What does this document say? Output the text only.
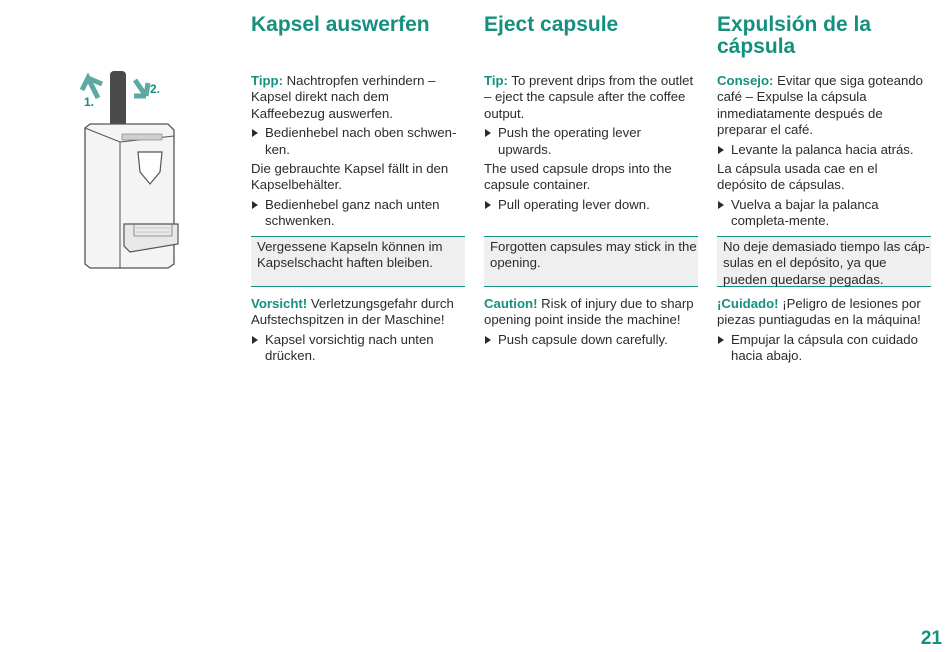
1.
2.
Kapsel auswerfen

Tipp: Nachtropfen verhindern – Kapsel direkt nach dem Kaffeebezug auswerfen.

Bedienhebel nach oben schwen-ken.

Die gebrauchte Kapsel fällt in den Kapselbehälter.

Bedienhebel ganz nach unten schwenken.

Vergessene Kapseln können im Kapselschacht haften bleiben.

Vorsicht! Verletzungsgefahr durch Aufstechspitzen in der Maschine!

Kapsel vorsichtig nach unten drücken.

Eject capsule

Tip: To prevent drips from the outlet – eject the capsule after the coffee output.

Push the operating lever upwards.

The used capsule drops into the capsule container.

Pull operating lever down.

Forgotten capsules may stick in the opening.

Caution! Risk of injury due to sharp opening point inside the machine!

Push capsule down carefully.

Expulsión de la cápsula

Consejo: Evitar que siga goteando café – Expulse la cápsula inmediatamente después de preparar el café.

Levante la palanca hacia atrás.

La cápsula usada cae en el depósito de cápsulas.

Vuelva a bajar la palanca completa-mente.

No deje demasiado tiempo las cáp-sulas en el depósito, ya que pueden quedarse pegadas.

¡Cuidado! ¡Peligro de lesiones por piezas puntiagudas en la máquina!

Empujar la cápsula con cuidado hacia abajo.

21
